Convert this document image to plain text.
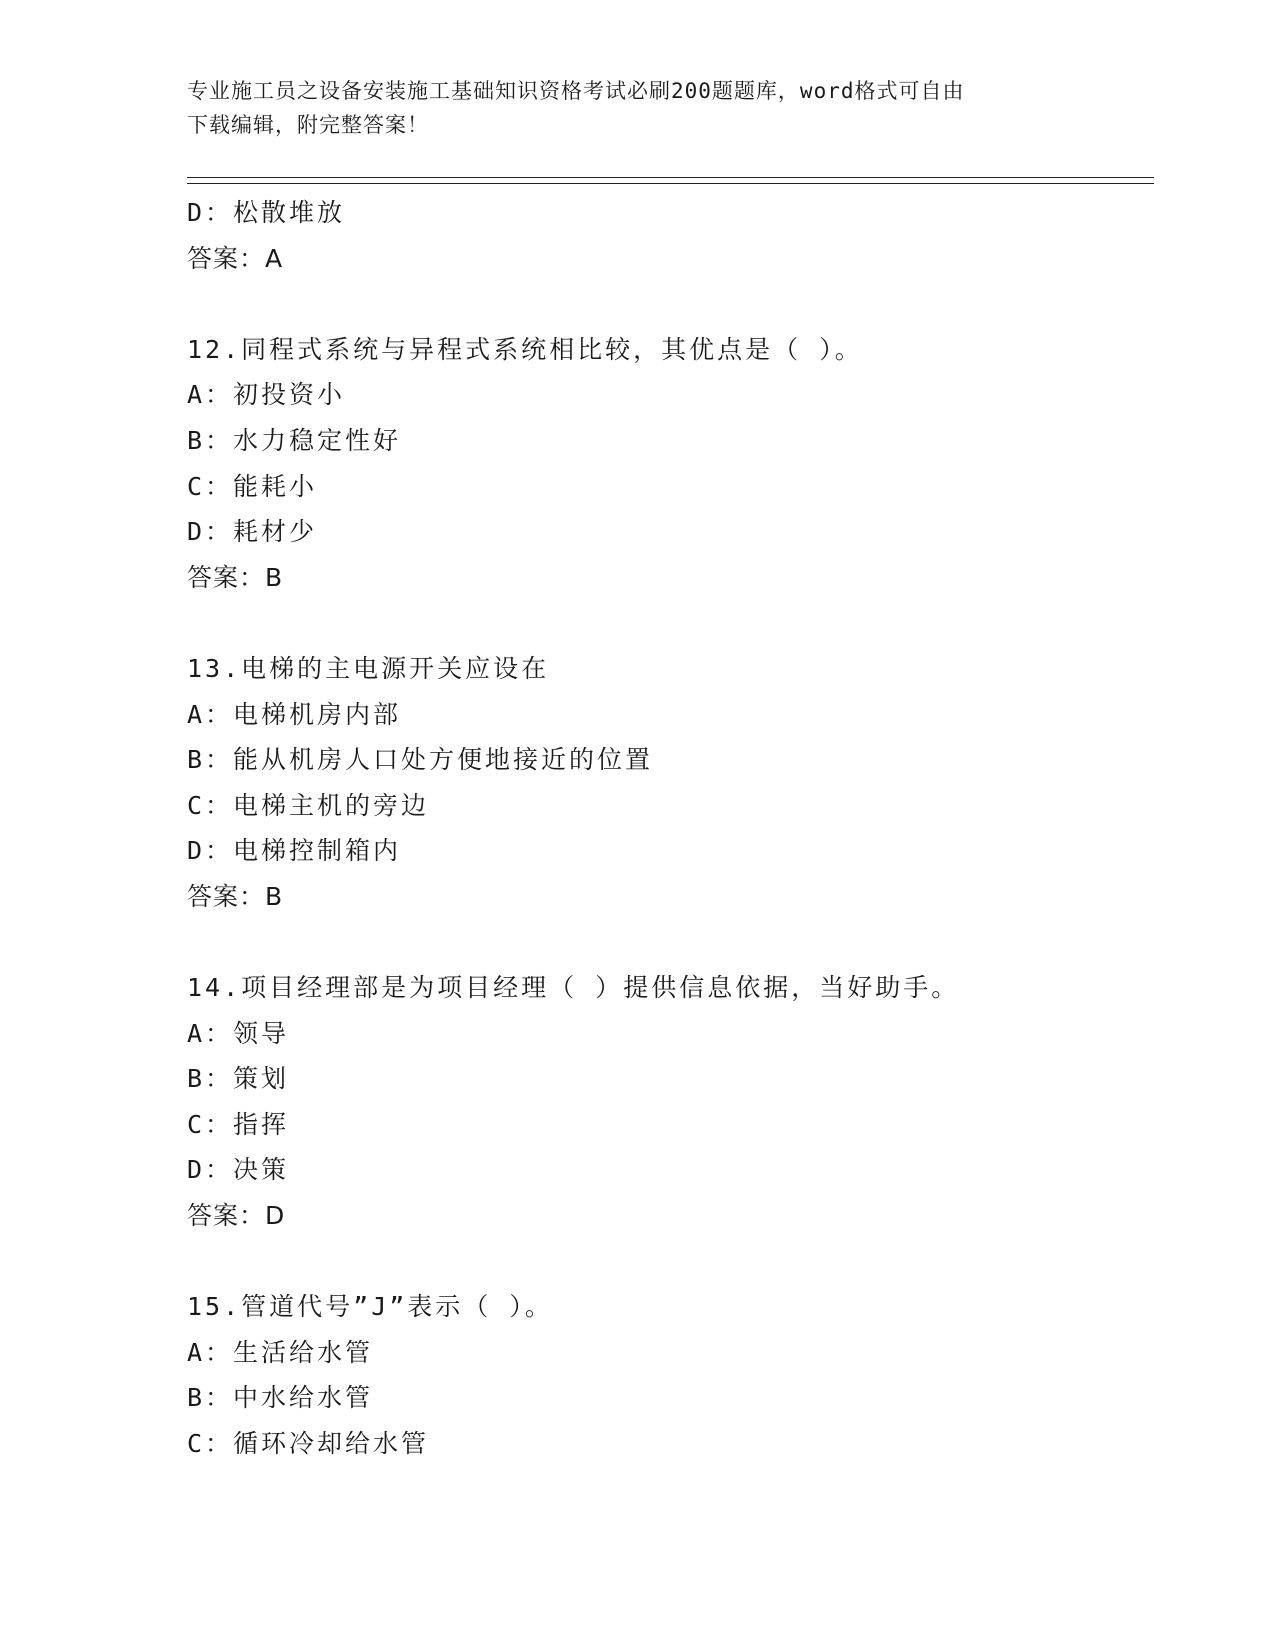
专业施工员之设备安装施工基础知识资格考试必刷200题题库，word格式可自由
下载编辑，附完整答案！
D：松散堆放
答案：A
12.同程式系统与异程式系统相比较，其优点是（ ）。
A：初投资小
B：水力稳定性好
C：能耗小
D：耗材少
答案：B
13.电梯的主电源开关应设在
A：电梯机房内部
B：能从机房人口处方便地接近的位置
C：电梯主机的旁边
D：电梯控制箱内
答案：B
14.项目经理部是为项目经理（ ）提供信息依据，当好助手。
A：领导
B：策划
C：指挥
D：决策
答案：D
15.管道代号”J”表示（ ）。
A：生活给水管
B：中水给水管
C：循环冷却给水管
